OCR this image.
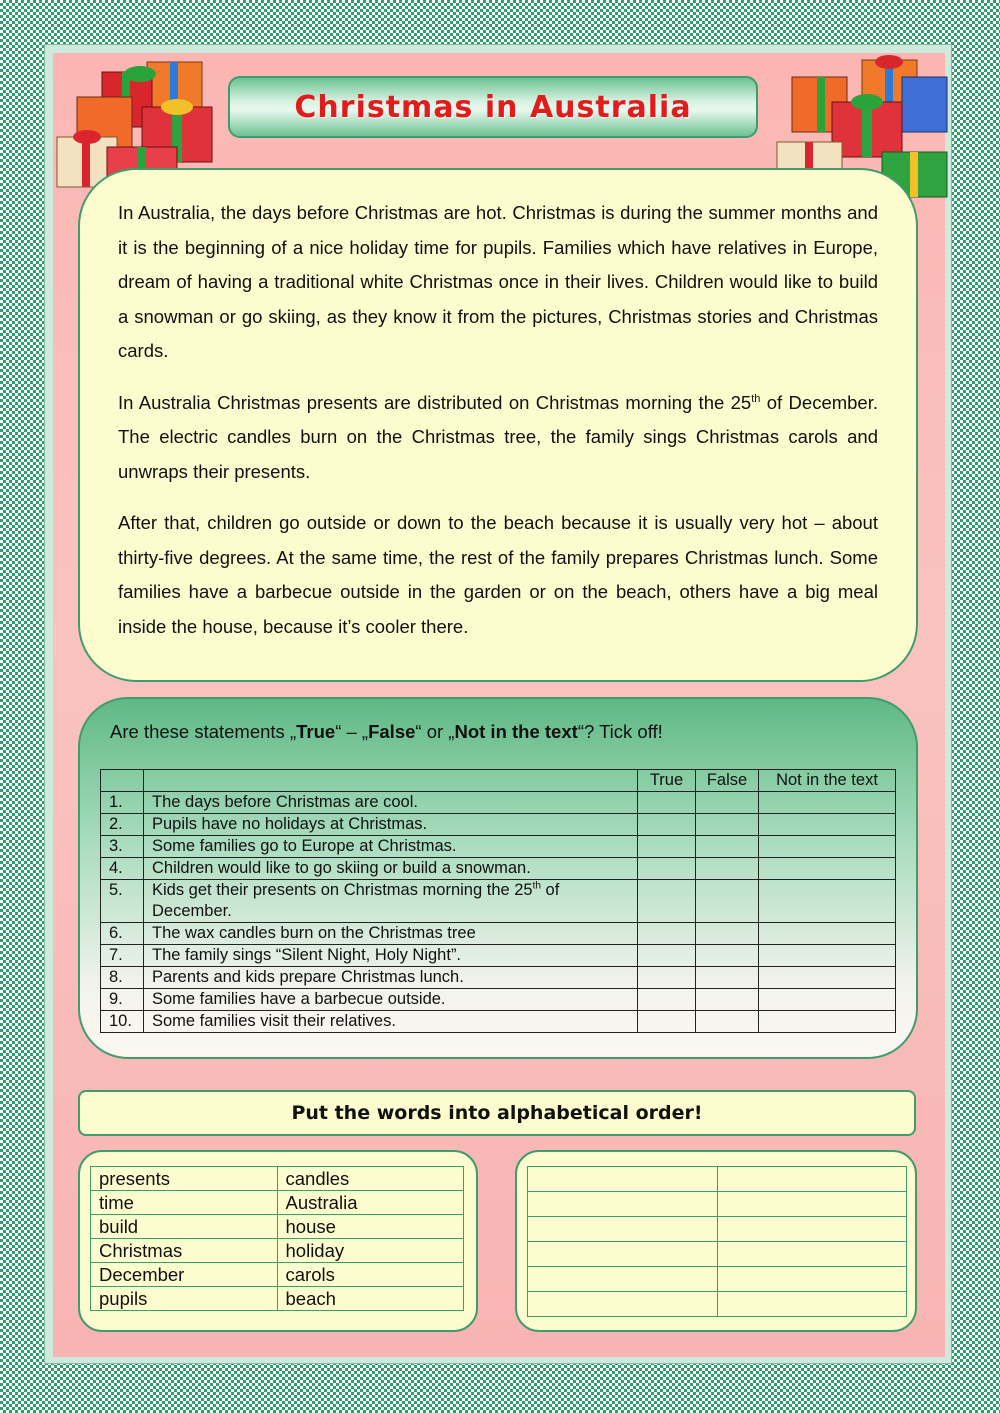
Christmas in Australia

In Australia, the days before Christmas are hot. Christmas is during the summer months and it is the beginning of a nice holiday time for pupils. Families which have relatives in Europe, dream of having a traditional white Christmas once in their lives. Children would like to build a snowman or go skiing, as they know it from the pictures, Christmas stories and Christmas cards.

In Australia Christmas presents are distributed on Christmas morning the 25th of December. The electric candles burn on the Christmas tree, the family sings Christmas carols and unwraps their presents.

After that, children go outside or down to the beach because it is usually very hot – about thirty-five degrees. At the same time, the rest of the family prepares Christmas lunch. Some families have a barbecue outside in the garden or on the beach, others have a big meal inside the house, because it’s cooler there.

Are these statements „True“ – „False“ or „Not in the text“? Tick off!
		True	False	Not in the text
1.	The days before Christmas are cool.			
2.	Pupils have no holidays at Christmas.			
3.	Some families go to Europe at Christmas.			
4.	Children would like to go skiing or build a snowman.			
5.	Kids get their presents on Christmas morning the 25th of December.			
6.	The wax candles burn on the Christmas tree			
7.	The family sings “Silent Night, Holy Night”.			
8.	Parents and kids prepare Christmas lunch.			
9.	Some families have a barbecue outside.			
10.	Some families visit their relatives.			
Put the words into alphabetical order!
presents	candles
time	Australia
build	house
Christmas	holiday
December	carols
pupils	beach
